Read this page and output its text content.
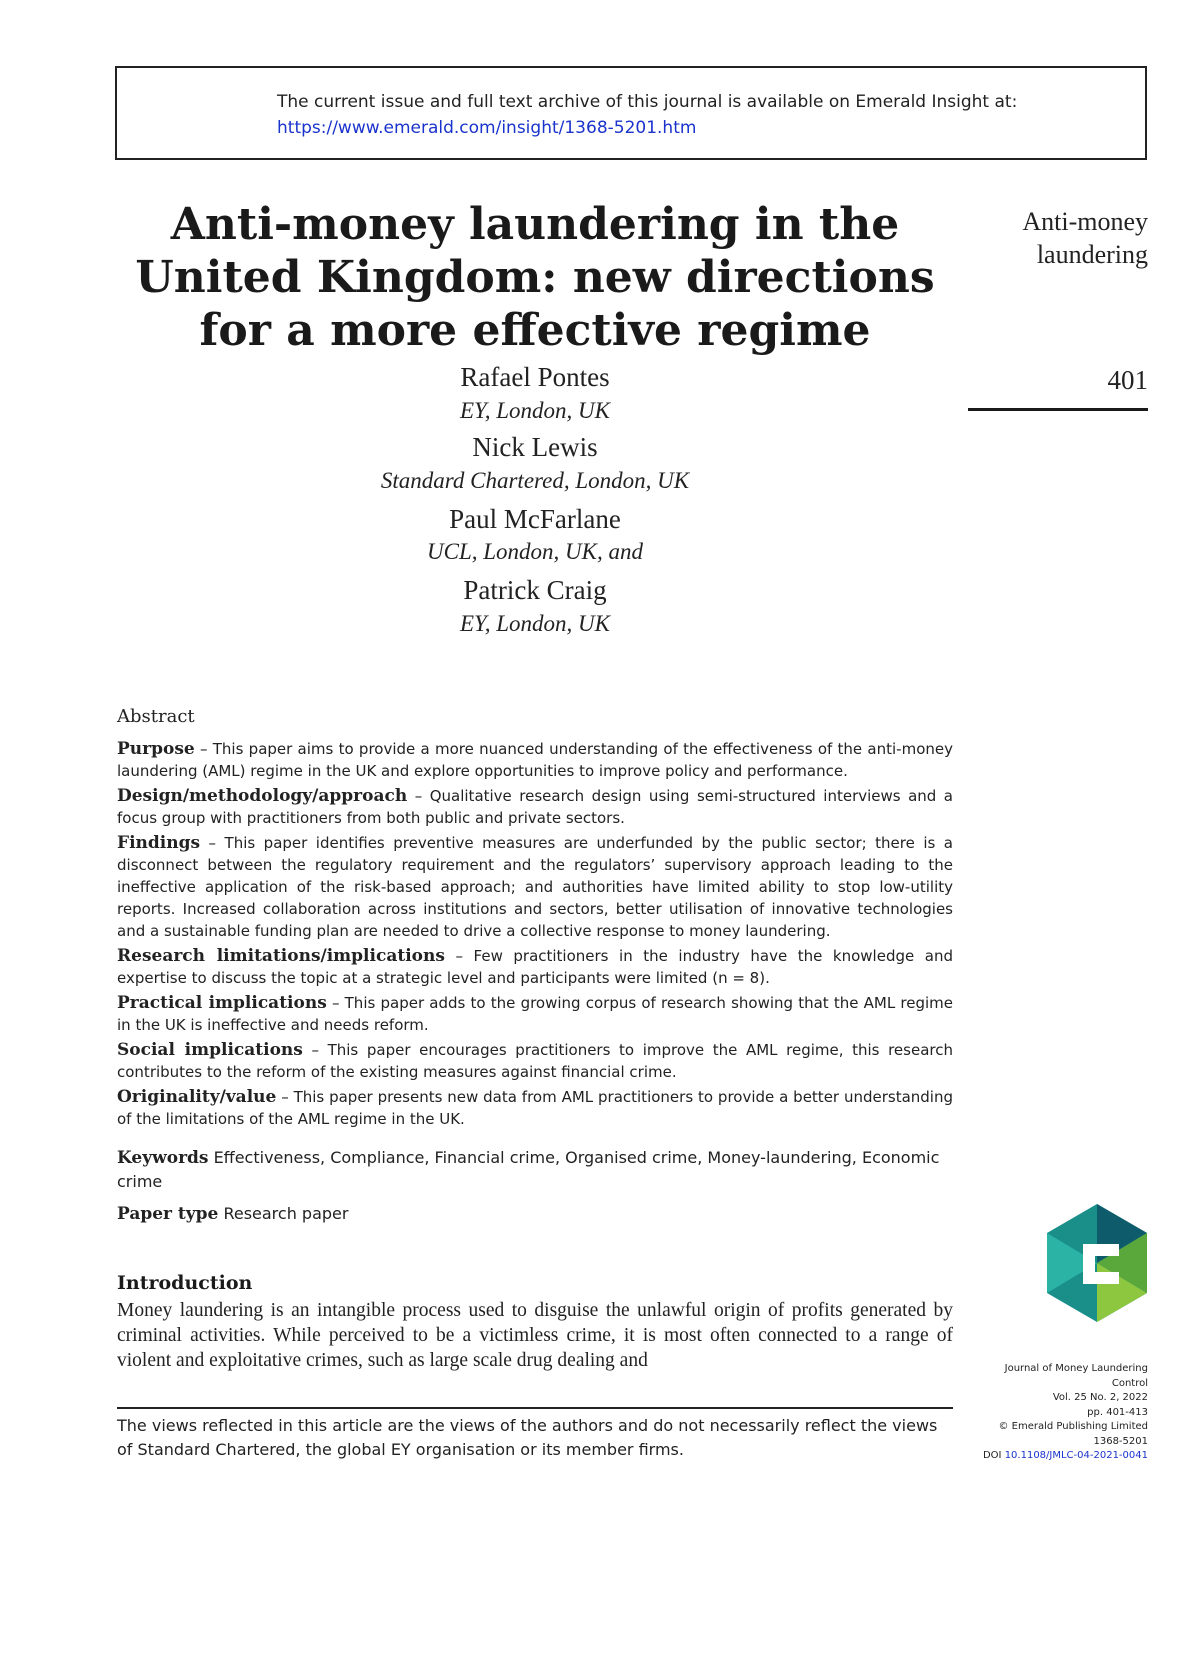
The current issue and full text archive of this journal is available on Emerald Insight at:
https://www.emerald.com/insight/1368-5201.htm
Anti-money laundering in the
United Kingdom: new directions
for a more effective regime
Rafael Pontes
EY, London, UK
Nick Lewis
Standard Chartered, London, UK
Paul McFarlane
UCL, London, UK, and
Patrick Craig
EY, London, UK
Anti-money
laundering
401
Abstract

Purpose – This paper aims to provide a more nuanced understanding of the effectiveness of the anti-money laundering (AML) regime in the UK and explore opportunities to improve policy and performance.

Design/methodology/approach – Qualitative research design using semi-structured interviews and a focus group with practitioners from both public and private sectors.

Findings – This paper identifies preventive measures are underfunded by the public sector; there is a disconnect between the regulatory requirement and the regulators’ supervisory approach leading to the ineffective application of the risk-based approach; and authorities have limited ability to stop low-utility reports. Increased collaboration across institutions and sectors, better utilisation of innovative technologies and a sustainable funding plan are needed to drive a collective response to money laundering.

Research limitations/implications – Few practitioners in the industry have the knowledge and expertise to discuss the topic at a strategic level and participants were limited (n = 8).

Practical implications – This paper adds to the growing corpus of research showing that the AML regime in the UK is ineffective and needs reform.

Social implications – This paper encourages practitioners to improve the AML regime, this research contributes to the reform of the existing measures against financial crime.

Originality/value – This paper presents new data from AML practitioners to provide a better understanding of the limitations of the AML regime in the UK.

Keywords Effectiveness, Compliance, Financial crime, Organised crime, Money-laundering, Economic crime
Paper type Research paper
Introduction
Money laundering is an intangible process used to disguise the unlawful origin of profits generated by criminal activities. While perceived to be a victimless crime, it is most often connected to a range of violent and exploitative crimes, such as large scale drug dealing and
The views reflected in this article are the views of the authors and do not necessarily reflect the views of Standard Chartered, the global EY organisation or its member firms.
Journal of Money Laundering
Control
Vol. 25 No. 2, 2022
pp. 401-413
© Emerald Publishing Limited
1368-5201
DOI 10.1108/JMLC-04-2021-0041
